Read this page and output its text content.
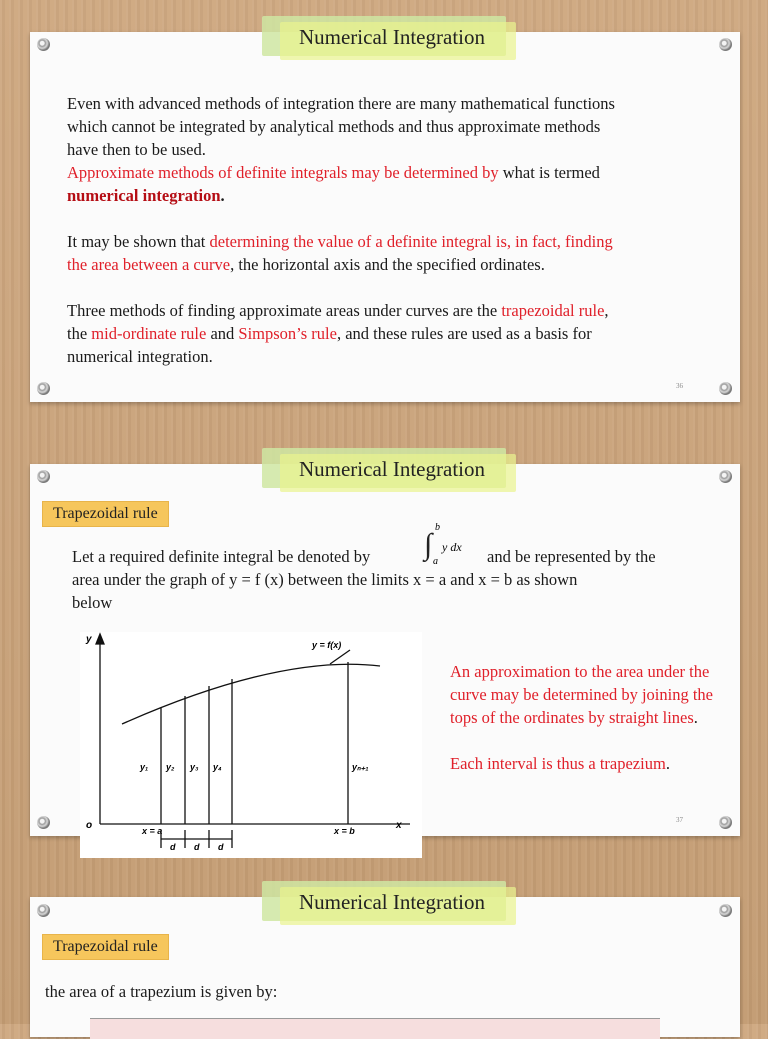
Numerical Integration

Even with advanced methods of integration there are many mathematical functions

which cannot be integrated by analytical methods and thus approximate methods

have then to be used.

Approximate methods of definite integrals may be determined by what is termed

numerical integration.

It may be shown that determining the value of a definite integral is, in fact, finding

the area between a curve, the horizontal axis and the specified ordinates.

Three methods of finding approximate areas under curves are the trapezoidal rule,

the mid-ordinate rule and Simpson’s rule, and these rules are used as a basis for

numerical integration.

36
Numerical Integration
Trapezoidal rule
Let a required definite integral be denoted by ∫
b
a
y dx and be represented by the
area under the graph of y = f (x) between the limits x = a and x = b as shown
below
y
x
o
y = f(x)
y₁ y₂ y₃ y₄	yₙ₊₁
x = a	x = b
d d d

An approximation to the area under the curve may be determined by joining the tops of the ordinates by straight lines.

Each interval is thus a trapezium.

37
Numerical Integration
Trapezoidal rule
the area of a trapezium is given by:
